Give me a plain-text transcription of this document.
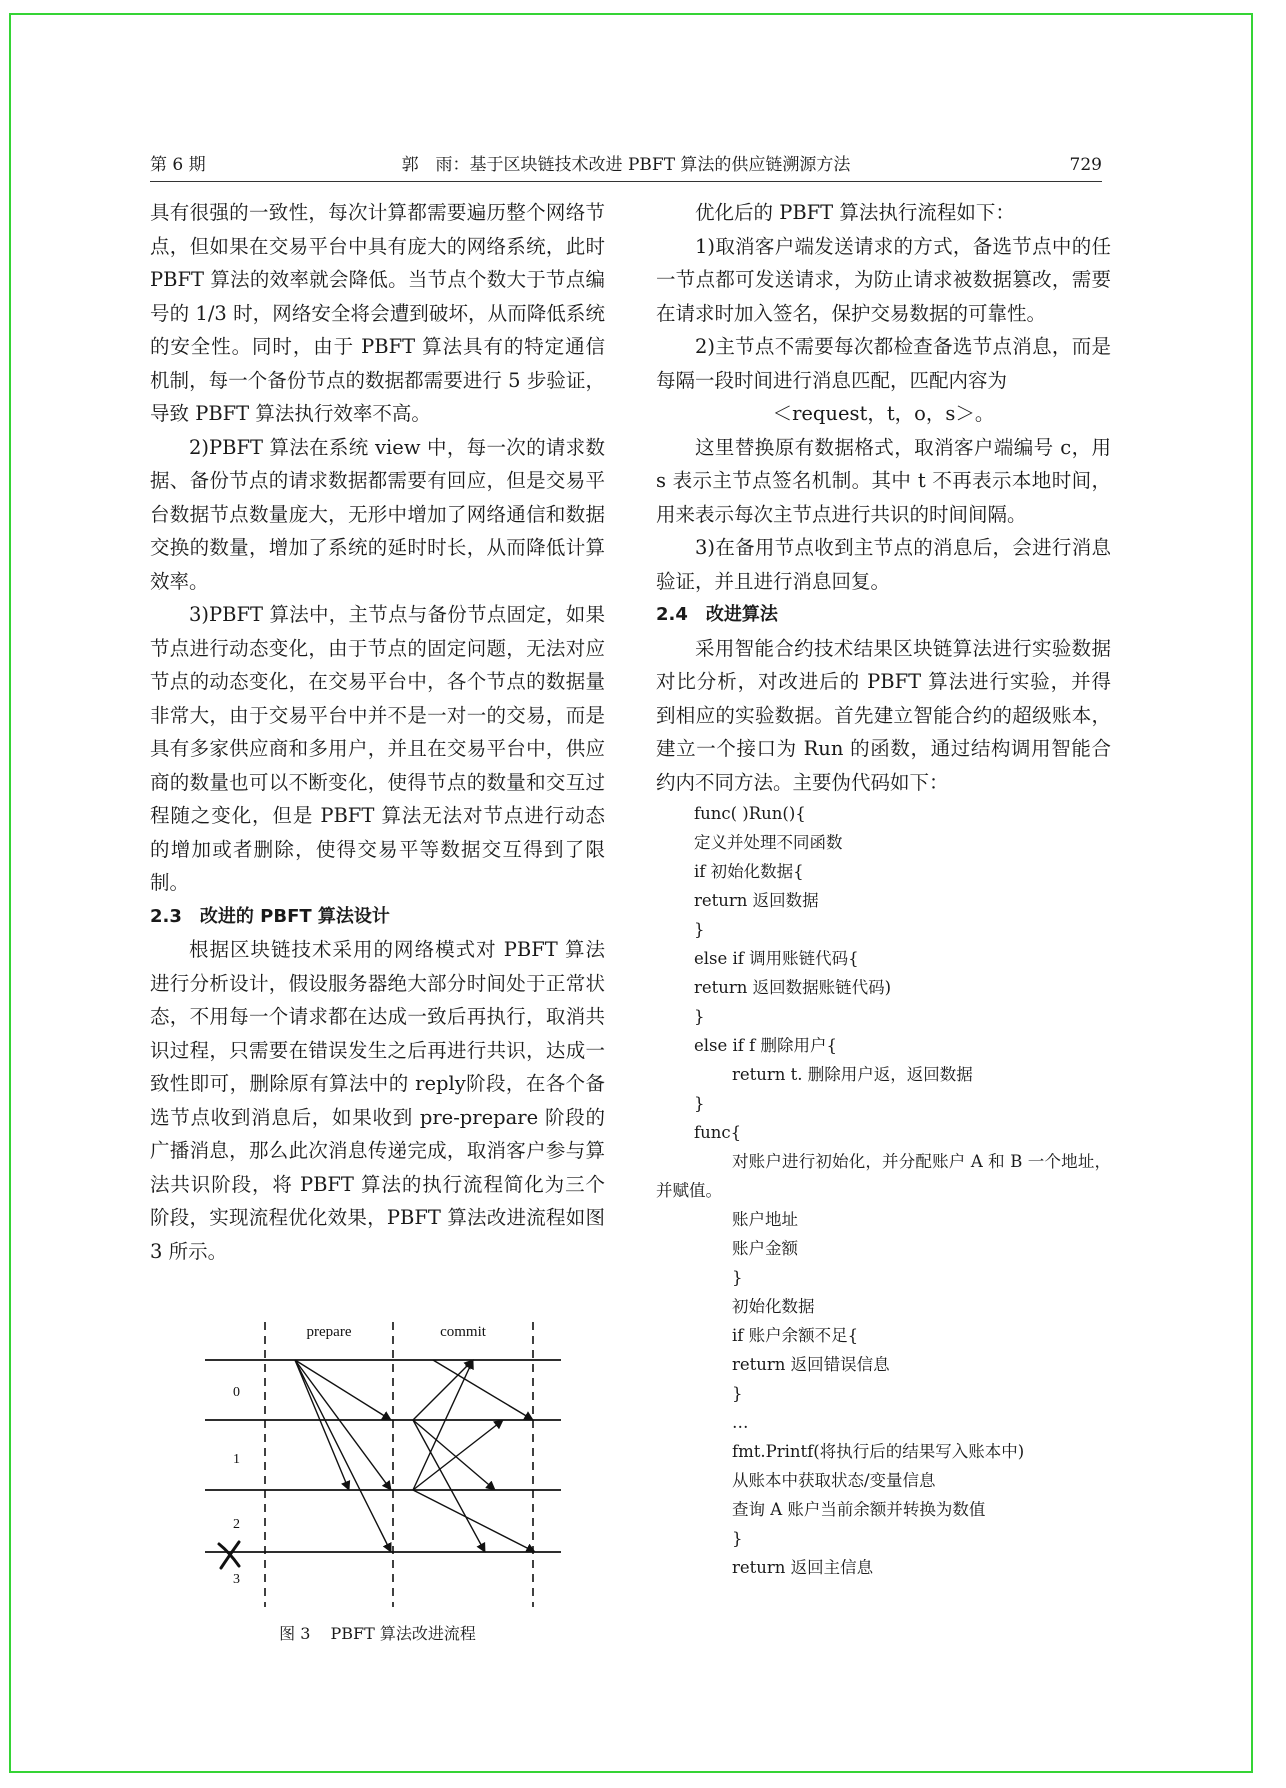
第 6 期	郭　雨：基于区块链技术改进 PBFT 算法的供应链溯源方法	729

具有很强的一致性，每次计算都需要遍历整个网络节点，但如果在交易平台中具有庞大的网络系统，此时 PBFT 算法的效率就会降低。当节点个数大于节点编号的 1/3 时，网络安全将会遭到破坏，从而降低系统的安全性。同时，由于 PBFT 算法具有的特定通信机制，每一个备份节点的数据都需要进行 5 步验证，导致 PBFT 算法执行效率不高。

2)PBFT 算法在系统 view 中，每一次的请求数据、备份节点的请求数据都需要有回应，但是交易平台数据节点数量庞大，无形中增加了网络通信和数据交换的数量，增加了系统的延时时长，从而降低计算效率。

3)PBFT 算法中，主节点与备份节点固定，如果节点进行动态变化，由于节点的固定问题，无法对应节点的动态变化，在交易平台中，各个节点的数据量非常大，由于交易平台中并不是一对一的交易，而是具有多家供应商和多用户，并且在交易平台中，供应商的数量也可以不断变化，使得节点的数量和交互过程随之变化，但是 PBFT 算法无法对节点进行动态的增加或者删除，使得交易平等数据交互得到了限制。

2.3 改进的 PBFT 算法设计

根据区块链技术采用的网络模式对 PBFT 算法进行分析设计，假设服务器绝大部分时间处于正常状态，不用每一个请求都在达成一致后再执行，取消共识过程，只需要在错误发生之后再进行共识，达成一致性即可，删除原有算法中的 reply阶段，在各个备选节点收到消息后，如果收到 pre-prepare 阶段的广播消息，那么此次消息传递完成，取消客户参与算法共识阶段，将 PBFT 算法的执行流程简化为三个阶段，实现流程优化效果，PBFT 算法改进流程如图 3 所示。

prepare	commit
0
1
2
3
图 3 PBFT 算法改进流程

优化后的 PBFT 算法执行流程如下：

1)取消客户端发送请求的方式，备选节点中的任一节点都可发送请求，为防止请求被数据篡改，需要在请求时加入签名，保护交易数据的可靠性。

2)主节点不需要每次都检查备选节点消息，而是每隔一段时间进行消息匹配，匹配内容为

＜request，t，o，s＞。

这里替换原有数据格式，取消客户端编号 c，用 s 表示主节点签名机制。其中 t 不再表示本地时间，用来表示每次主节点进行共识的时间间隔。

3)在备用节点收到主节点的消息后，会进行消息验证，并且进行消息回复。

2.4 改进算法

采用智能合约技术结果区块链算法进行实验数据对比分析，对改进后的 PBFT 算法进行实验，并得到相应的实验数据。首先建立智能合约的超级账本，建立一个接口为 Run 的函数，通过结构调用智能合约内不同方法。主要伪代码如下：

func( )Run(){
定义并处理不同函数
if 初始化数据{
return 返回数据
}
else if 调用账链代码{
return 返回数据账链代码)
}
else if f 删除用户{
return t. 删除用户返，返回数据
}
func{

对账户进行初始化，并分配账户 A 和 B 一个地址，并赋值。

账户地址
账户金额
}
初始化数据
if 账户余额不足{
return 返回错误信息
}
…
fmt.Printf(将执行后的结果写入账本中)
从账本中获取状态/变量信息
查询 A 账户当前余额并转换为数值
}
return 返回主信息
